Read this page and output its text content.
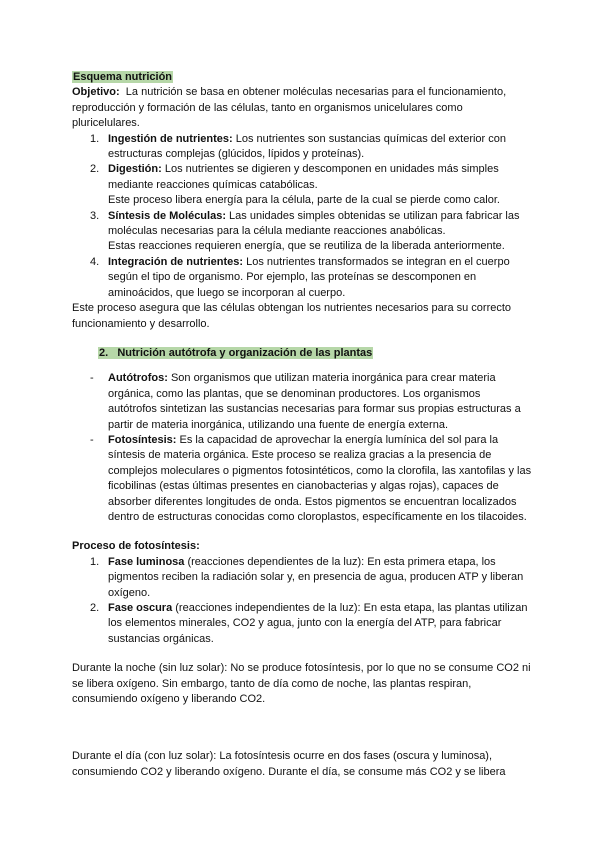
Esquema nutrición

Objetivo: La nutrición se basa en obtener moléculas necesarias para el funcionamiento, reproducción y formación de las células, tanto en organismos unicelulares como pluricelulares.

1. Ingestión de nutrientes: Los nutrientes son sustancias químicas del exterior con estructuras complejas (glúcidos, lípidos y proteínas).
2. Digestión: Los nutrientes se digieren y descomponen en unidades más simples mediante reacciones químicas catabólicas.
Este proceso libera energía para la célula, parte de la cual se pierde como calor.
3. Síntesis de Moléculas: Las unidades simples obtenidas se utilizan para fabricar las moléculas necesarias para la célula mediante reacciones anabólicas.
Estas reacciones requieren energía, que se reutiliza de la liberada anteriormente.
4. Integración de nutrientes: Los nutrientes transformados se integran en el cuerpo según el tipo de organismo. Por ejemplo, las proteínas se descomponen en aminoácidos, que luego se incorporan al cuerpo.

Este proceso asegura que las células obtengan los nutrientes necesarios para su correcto funcionamiento y desarrollo.

2. Nutrición autótrofa y organización de las plantas

- Autótrofos: Son organismos que utilizan materia inorgánica para crear materia orgánica, como las plantas, que se denominan productores. Los organismos autótrofos sintetizan las sustancias necesarias para formar sus propias estructuras a partir de materia inorgánica, utilizando una fuente de energía externa.
- Fotosíntesis: Es la capacidad de aprovechar la energía lumínica del sol para la síntesis de materia orgánica. Este proceso se realiza gracias a la presencia de complejos moleculares o pigmentos fotosintéticos, como la clorofila, las xantofilas y las ficobilinas (estas últimas presentes en cianobacterias y algas rojas), capaces de absorber diferentes longitudes de onda. Estos pigmentos se encuentran localizados dentro de estructuras conocidas como cloroplastos, específicamente en los tilacoides.

Proceso de fotosíntesis:

1. Fase luminosa (reacciones dependientes de la luz): En esta primera etapa, los pigmentos reciben la radiación solar y, en presencia de agua, producen ATP y liberan oxígeno.
2. Fase oscura (reacciones independientes de la luz): En esta etapa, las plantas utilizan los elementos minerales, CO2 y agua, junto con la energía del ATP, para fabricar sustancias orgánicas.

Durante la noche (sin luz solar): No se produce fotosíntesis, por lo que no se consume CO2 ni se libera oxígeno. Sin embargo, tanto de día como de noche, las plantas respiran, consumiendo oxígeno y liberando CO2.

Durante el día (con luz solar): La fotosíntesis ocurre en dos fases (oscura y luminosa), consumiendo CO2 y liberando oxígeno. Durante el día, se consume más CO2 y se libera
